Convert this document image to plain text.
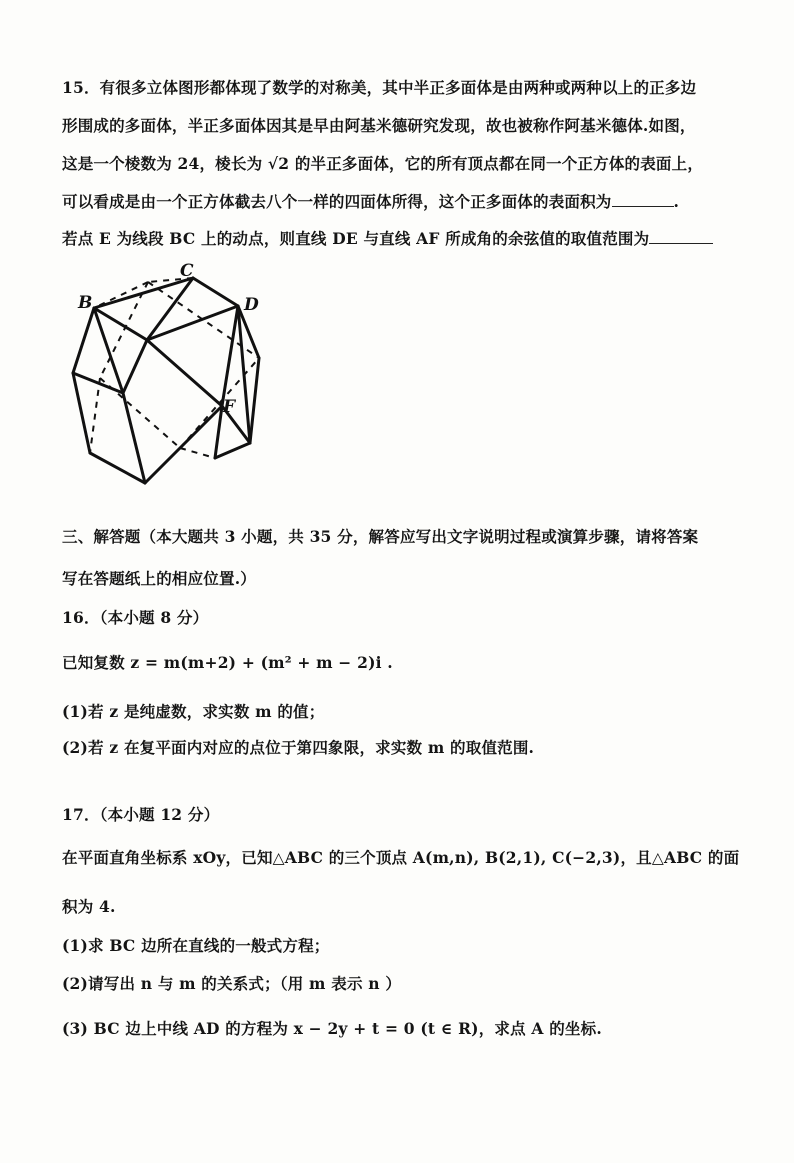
15．有很多立体图形都体现了数学的对称美，其中半正多面体是由两种或两种以上的正多边
形围成的多面体，半正多面体因其是早由阿基米德研究发现，故也被称作阿基米德体.如图，
这是一个棱数为 24，棱长为 √2 的半正多面体，它的所有顶点都在同一个正方体的表面上，
可以看成是由一个正方体截去八个一样的四面体所得，这个正多面体的表面积为	.
若点 E 为线段 BC 上的动点，则直线 DE 与直线 AF 所成角的余弦值的取值范围为
B
C
D
F
三、解答题（本大题共 3 小题，共 35 分，解答应写出文字说明过程或演算步骤，请将答案
写在答题纸上的相应位置.）
16．（本小题 8 分）
已知复数 z = m(m+2) + (m² + m − 2)i .
(1)若 z 是纯虚数，求实数 m 的值；
(2)若 z 在复平面内对应的点位于第四象限，求实数 m 的取值范围.
17．（本小题 12 分）
在平面直角坐标系 xOy，已知△ABC 的三个顶点 A(m,n), B(2,1), C(−2,3)，且△ABC 的面
积为 4.
(1)求 BC 边所在直线的一般式方程；
(2)请写出 n 与 m 的关系式；（用 m 表示 n ）
(3) BC 边上中线 AD 的方程为 x − 2y + t = 0 (t ∈ R)，求点 A 的坐标.
